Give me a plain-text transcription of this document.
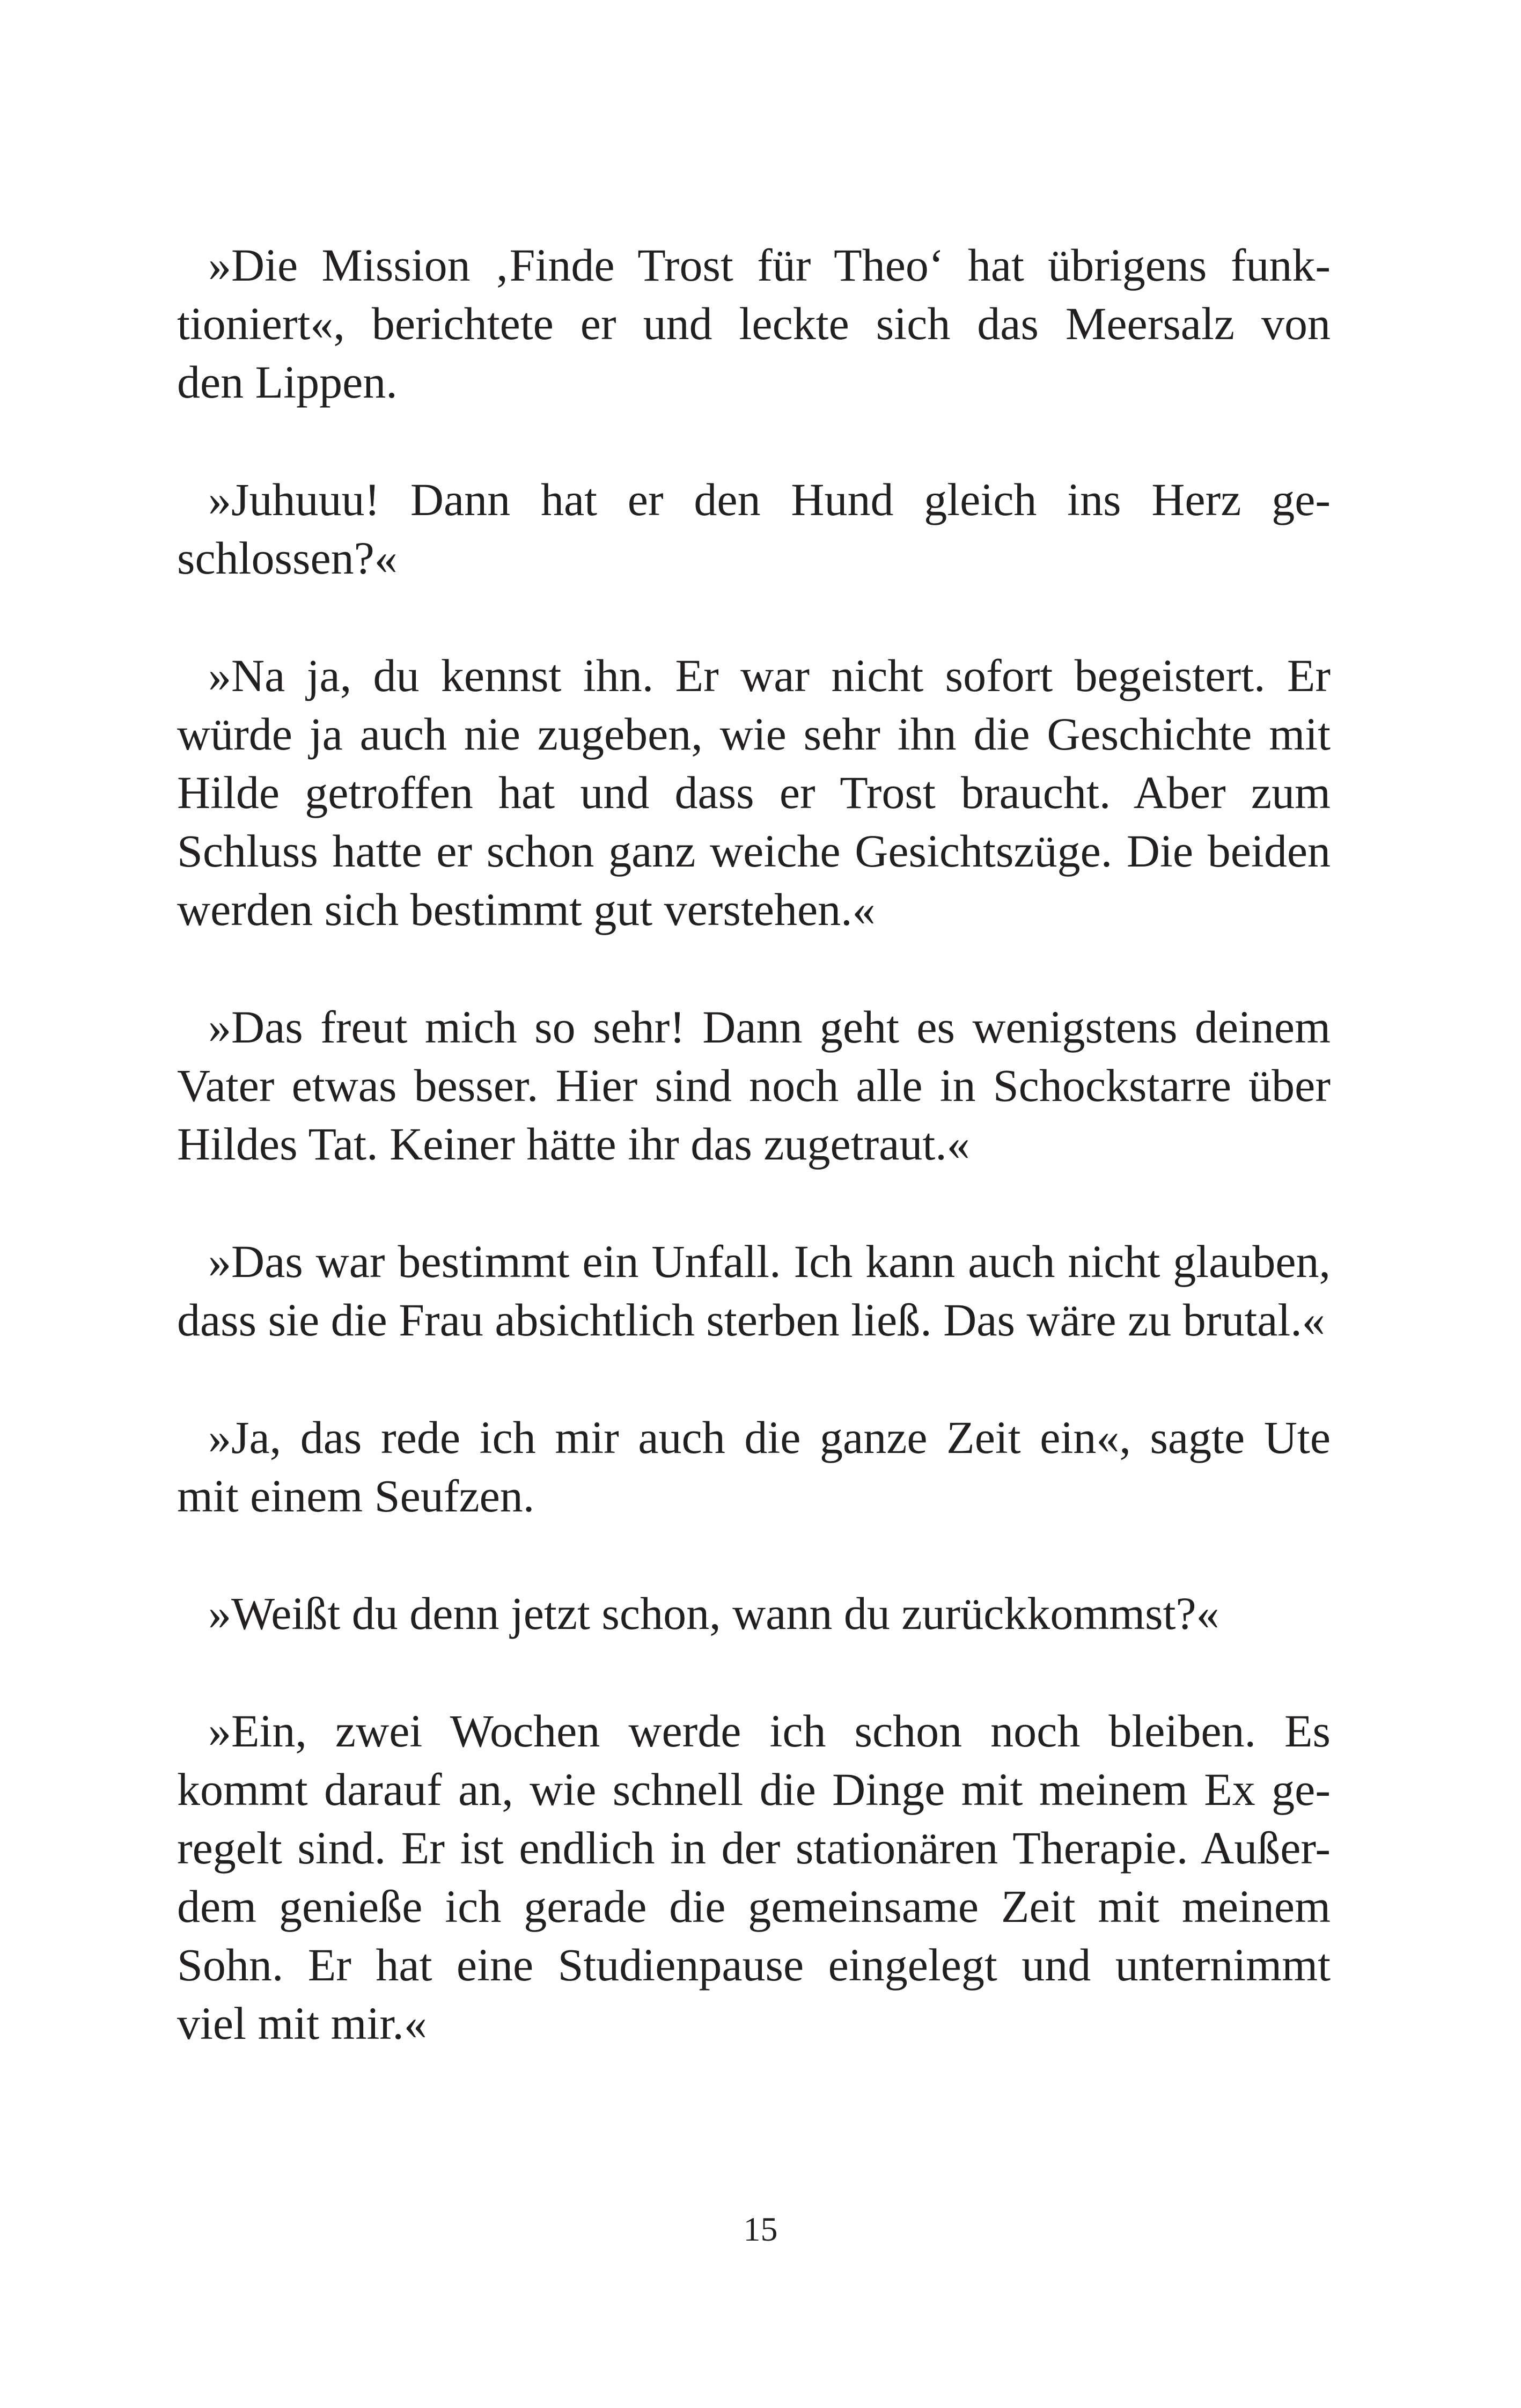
»Die Mission ‚Finde Trost für Theo‘ hat übrigens funk-
tioniert«, berichtete er und leckte sich das Meersalz von
den Lippen.

»Juhuuu! Dann hat er den Hund gleich ins Herz ge-
schlossen?«

»Na ja, du kennst ihn. Er war nicht sofort begeistert. Er
würde ja auch nie zugeben, wie sehr ihn die Geschichte mit
Hilde getroffen hat und dass er Trost braucht. Aber zum
Schluss hatte er schon ganz weiche Gesichtszüge. Die beiden
werden sich bestimmt gut verstehen.«

»Das freut mich so sehr! Dann geht es wenigstens deinem
Vater etwas besser. Hier sind noch alle in Schockstarre über
Hildes Tat. Keiner hätte ihr das zugetraut.«

»Das war bestimmt ein Unfall. Ich kann auch nicht glauben,
dass sie die Frau absichtlich sterben ließ. Das wäre zu brutal.«

»Ja, das rede ich mir auch die ganze Zeit ein«, sagte Ute
mit einem Seufzen.

»Weißt du denn jetzt schon, wann du zurückkommst?«

»Ein, zwei Wochen werde ich schon noch bleiben. Es
kommt darauf an, wie schnell die Dinge mit meinem Ex ge-
regelt sind. Er ist endlich in der stationären Therapie. Außer-
dem genieße ich gerade die gemeinsame Zeit mit meinem
Sohn. Er hat eine Studienpause eingelegt und unternimmt
viel mit mir.«

15
